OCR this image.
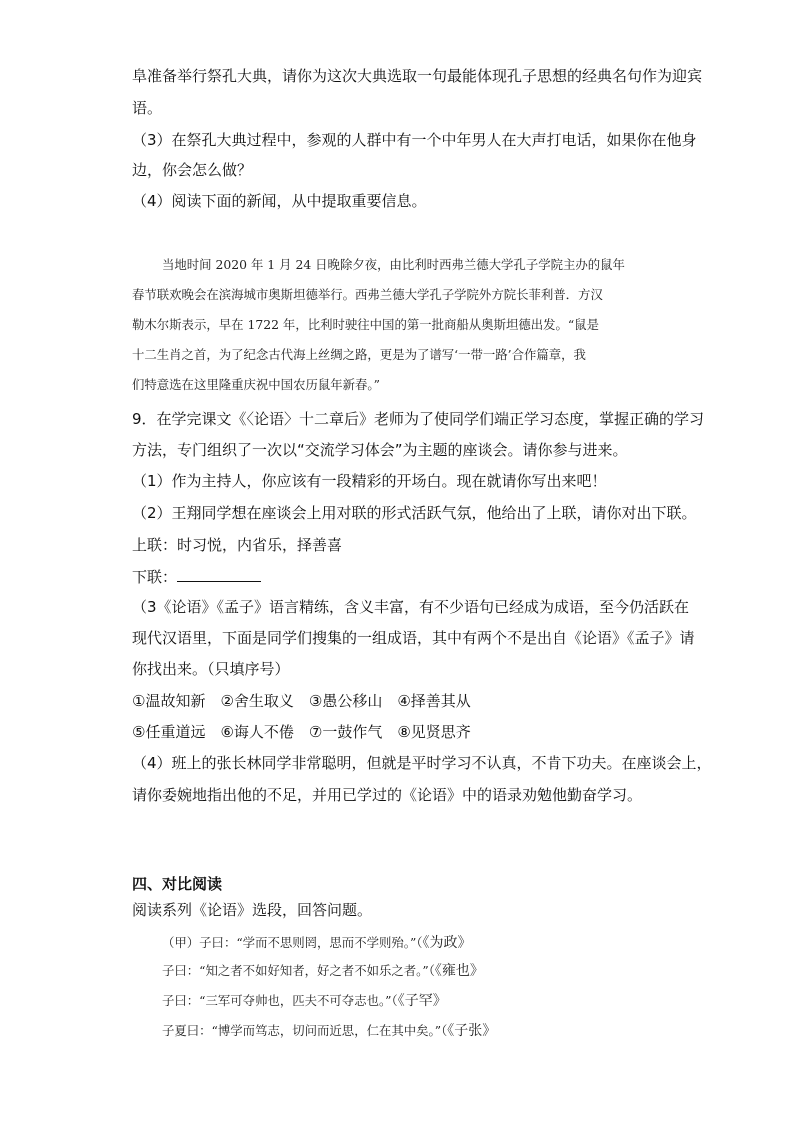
阜准备举行祭孔大典，请你为这次大典选取一句最能体现孔子思想的经典名句作为迎宾
语。
（3）在祭孔大典过程中，参观的人群中有一个中年男人在大声打电话，如果你在他身
边，你会怎么做？
（4）阅读下面的新闻，从中提取重要信息。
当地时间 2020 年 1 月 24 日晚除夕夜，由比利时西弗兰德大学孔子学院主办的鼠年
春节联欢晚会在滨海城市奥斯坦德举行。西弗兰德大学孔子学院外方院长菲利普．方汉
勒木尔斯表示，早在 1722 年，比利时驶往中国的第一批商船从奥斯坦德出发。“鼠是
十二生肖之首，为了纪念古代海上丝绸之路，更是为了谱写‘一带一路’合作篇章，我
们特意选在这里隆重庆祝中国农历鼠年新春。”
9．在学完课文《〈论语〉十二章后》老师为了使同学们端正学习态度，掌握正确的学习
方法，专门组织了一次以“交流学习体会”为主题的座谈会。请你参与进来。
（1）作为主持人，你应该有一段精彩的开场白。现在就请你写出来吧！
（2）王翔同学想在座谈会上用对联的形式活跃气氛，他给出了上联，请你对出下联。
上联：时习悦，内省乐，择善喜
下联：
（3《论语》《孟子》语言精练，含义丰富，有不少语句已经成为成语，至今仍活跃在
现代汉语里，下面是同学们搜集的一组成语，其中有两个不是出自《论语》《孟子》请
你找出来。（只填序号）
①温故知新　②舍生取义　③愚公移山　④择善其从
⑤任重道远　⑥诲人不倦　⑦一鼓作气　⑧见贤思齐
（4）班上的张长林同学非常聪明，但就是平时学习不认真，不肯下功夫。在座谈会上，
请你委婉地指出他的不足，并用已学过的《论语》中的语录劝勉他勤奋学习。
四、对比阅读
阅读系列《论语》选段，回答问题。
（甲）子曰：“学而不思则罔，思而不学则殆。”（《为政》
子曰：“知之者不如好知者，好之者不如乐之者。”（《雍也》
子曰：“三军可夺帅也，匹夫不可夺志也。”（《子罕》
子夏曰：“博学而笃志，切问而近思，仁在其中矣。”（《子张》
